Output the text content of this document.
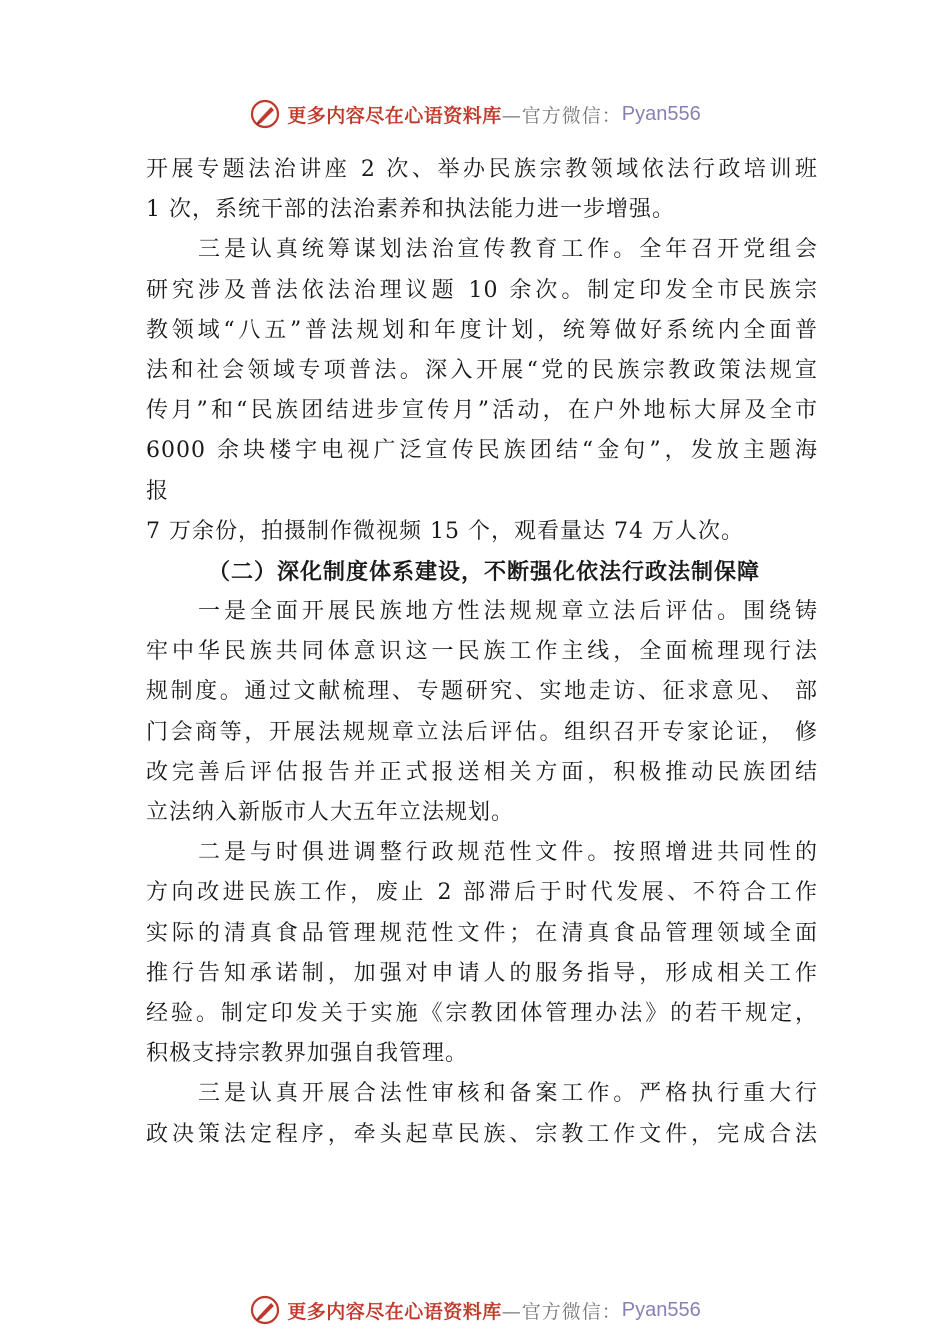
更多内容尽在心语资料库 —官方微信： Pyan556
开展专题法治讲座 2 次、举办民族宗教领域依法行政培训班
1 次，系统干部的法治素养和执法能力进一步增强。
三是认真统筹谋划法治宣传教育工作。全年召开党组会
研究涉及普法依法治理议题 10 余次。制定印发全市民族宗
教领域“八五”普法规划和年度计划，统筹做好系统内全面普
法和社会领域专项普法。深入开展“党的民族宗教政策法规宣
传月”和“民族团结进步宣传月”活动，在户外地标大屏及全市
6000 余块楼宇电视广泛宣传民族团结“金句”，发放主题海
报
7 万余份，拍摄制作微视频 15 个，观看量达 74 万人次。
（二）深化制度体系建设，不断强化依法行政法制保障
一是全面开展民族地方性法规规章立法后评估。围绕铸
牢中华民族共同体意识这一民族工作主线，全面梳理现行法
规制度。通过文献梳理、专题研究、实地走访、征求意见、 部
门会商等，开展法规规章立法后评估。组织召开专家论证， 修
改完善后评估报告并正式报送相关方面，积极推动民族团结
立法纳入新版市人大五年立法规划。
二是与时俱进调整行政规范性文件。按照增进共同性的
方向改进民族工作，废止 2 部滞后于时代发展、不符合工作
实际的清真食品管理规范性文件；在清真食品管理领域全面
推行告知承诺制，加强对申请人的服务指导，形成相关工作
经验。制定印发关于实施《宗教团体管理办法》的若干规定，
积极支持宗教界加强自我管理。
三是认真开展合法性审核和备案工作。严格执行重大行
政决策法定程序，牵头起草民族、宗教工作文件，完成合法
更多内容尽在心语资料库 —官方微信： Pyan556
